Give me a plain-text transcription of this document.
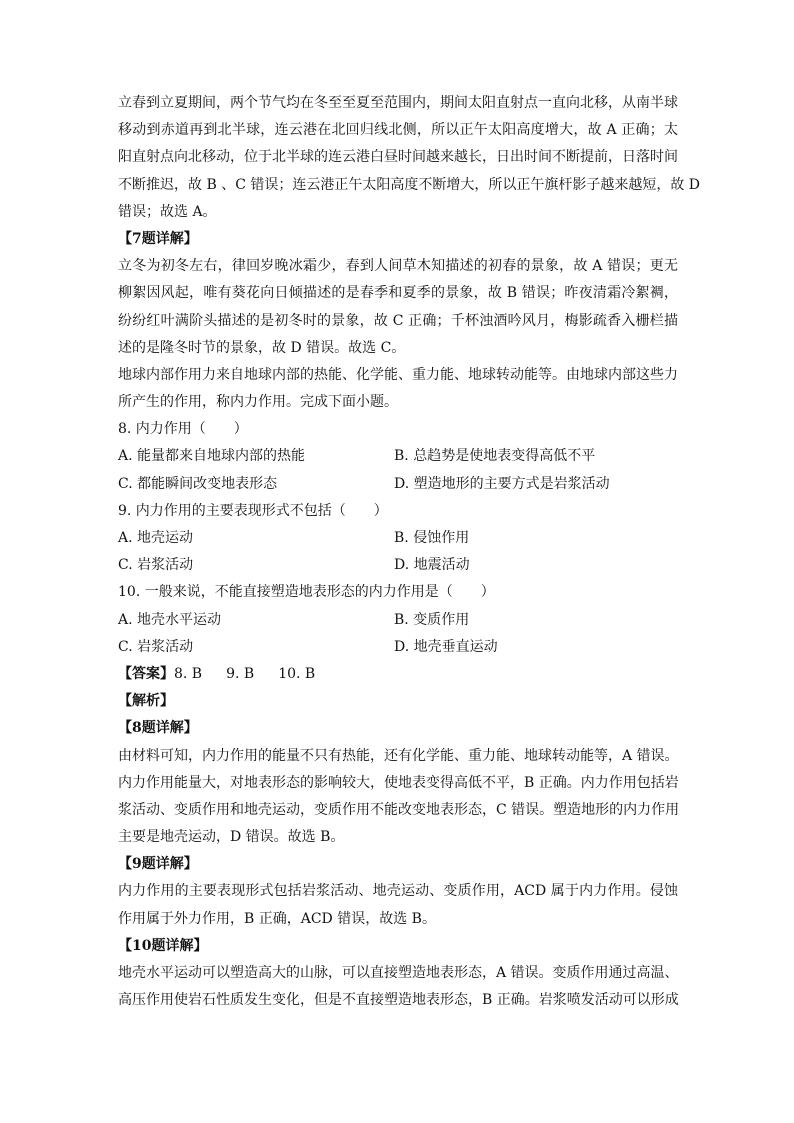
立春到立夏期间，两个节气均在冬至至夏至范围内，期间太阳直射点一直向北移，从南半球
移动到赤道再到北半球，连云港在北回归线北侧，所以正午太阳高度增大，故 A 正确；太
阳直射点向北移动，位于北半球的连云港白昼时间越来越长，日出时间不断提前，日落时间
不断推迟，故 B 、C 错误；连云港正午太阳高度不断增大，所以正午旗杆影子越来越短，故 D
错误；故选 A。
【7题详解】
立冬为初冬左右，律回岁晚冰霜少，春到人间草木知描述的初春的景象，故 A 错误；更无
柳絮因风起，唯有葵花向日倾描述的是春季和夏季的景象，故 B 错误；昨夜清霜冷絮裯，
纷纷红叶满阶头描述的是初冬时的景象，故 C 正确；千杯浊酒吟风月，梅影疏香入栅栏描
述的是隆冬时节的景象，故 D 错误。故选 C。
地球内部作用力来自地球内部的热能、化学能、重力能、地球转动能等。由地球内部这些力
所产生的作用，称内力作用。完成下面小题。
8. 内力作用（　　）
A. 能量都来自地球内部的热能	B. 总趋势是使地表变得高低不平
C. 都能瞬间改变地表形态	D. 塑造地形的主要方式是岩浆活动
9. 内力作用的主要表现形式不包括（　　）
A. 地壳运动	B. 侵蚀作用
C. 岩浆活动	D. 地震活动
10. 一般来说，不能直接塑造地表形态的内力作用是（　　）
A. 地壳水平运动	B. 变质作用
C. 岩浆活动	D. 地壳垂直运动
【答案】8. B 9. B 10. B
【解析】
【8题详解】
由材料可知，内力作用的能量不只有热能，还有化学能、重力能、地球转动能等，A 错误。
内力作用能量大，对地表形态的影响较大，使地表变得高低不平，B 正确。内力作用包括岩
浆活动、变质作用和地壳运动，变质作用不能改变地表形态，C 错误。塑造地形的内力作用
主要是地壳运动，D 错误。故选 B。
【9题详解】
内力作用的主要表现形式包括岩浆活动、地壳运动、变质作用，ACD 属于内力作用。侵蚀
作用属于外力作用，B 正确，ACD 错误，故选 B。
【10题详解】
地壳水平运动可以塑造高大的山脉，可以直接塑造地表形态，A 错误。变质作用通过高温、
高压作用使岩石性质发生变化，但是不直接塑造地表形态，B 正确。岩浆喷发活动可以形成
